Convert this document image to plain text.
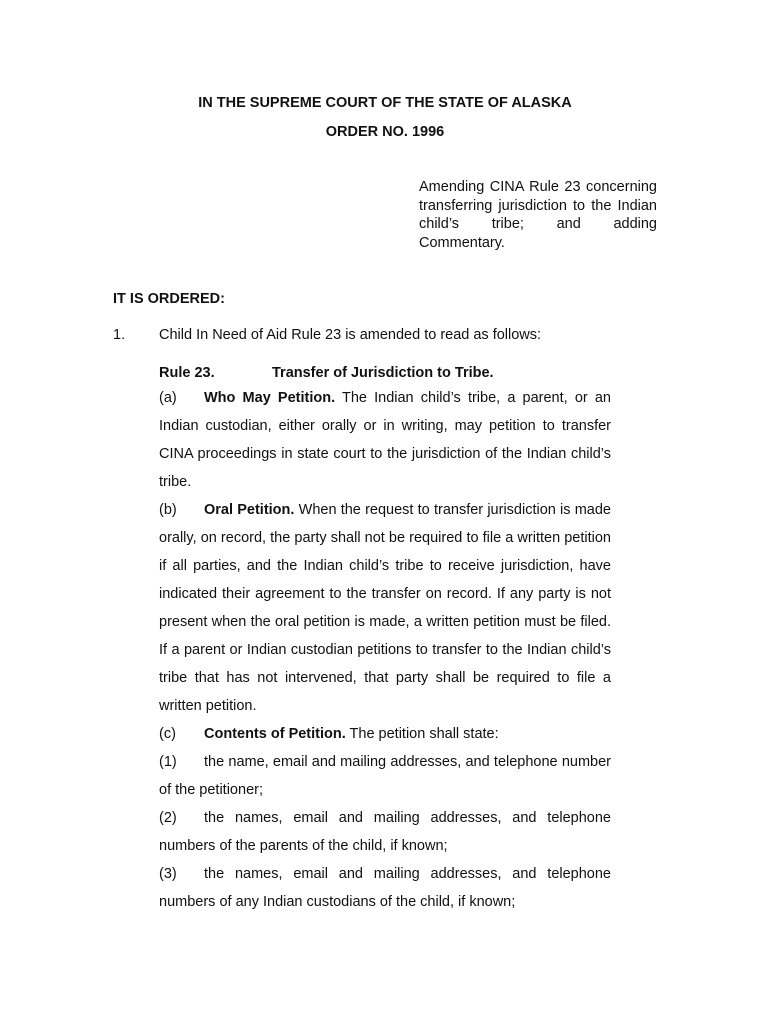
IN THE SUPREME COURT OF THE STATE OF ALASKA
ORDER NO. 1996
Amending CINA Rule 23 concerning transferring jurisdiction to the Indian child’s tribe; and adding Commentary.
IT IS ORDERED:
1. Child In Need of Aid Rule 23 is amended to read as follows:
Rule 23.	Transfer of Jurisdiction to Tribe.

(a) Who May Petition. The Indian child’s tribe, a parent, or an Indian custodian, either orally or in writing, may petition to transfer CINA proceedings in state court to the jurisdiction of the Indian child’s tribe.

(b) Oral Petition. When the request to transfer jurisdiction is made orally, on record, the party shall not be required to file a written petition if all parties, and the Indian child’s tribe to receive jurisdiction, have indicated their agreement to the transfer on record. If any party is not present when the oral petition is made, a written petition must be filed. If a parent or Indian custodian petitions to transfer to the Indian child’s tribe that has not intervened, that party shall be required to file a written petition.

(c) Contents of Petition. The petition shall state:

(1) the name, email and mailing addresses, and telephone number of the petitioner;

(2) the names, email and mailing addresses, and telephone numbers of the parents of the child, if known;

(3) the names, email and mailing addresses, and telephone numbers of any Indian custodians of the child, if known;
